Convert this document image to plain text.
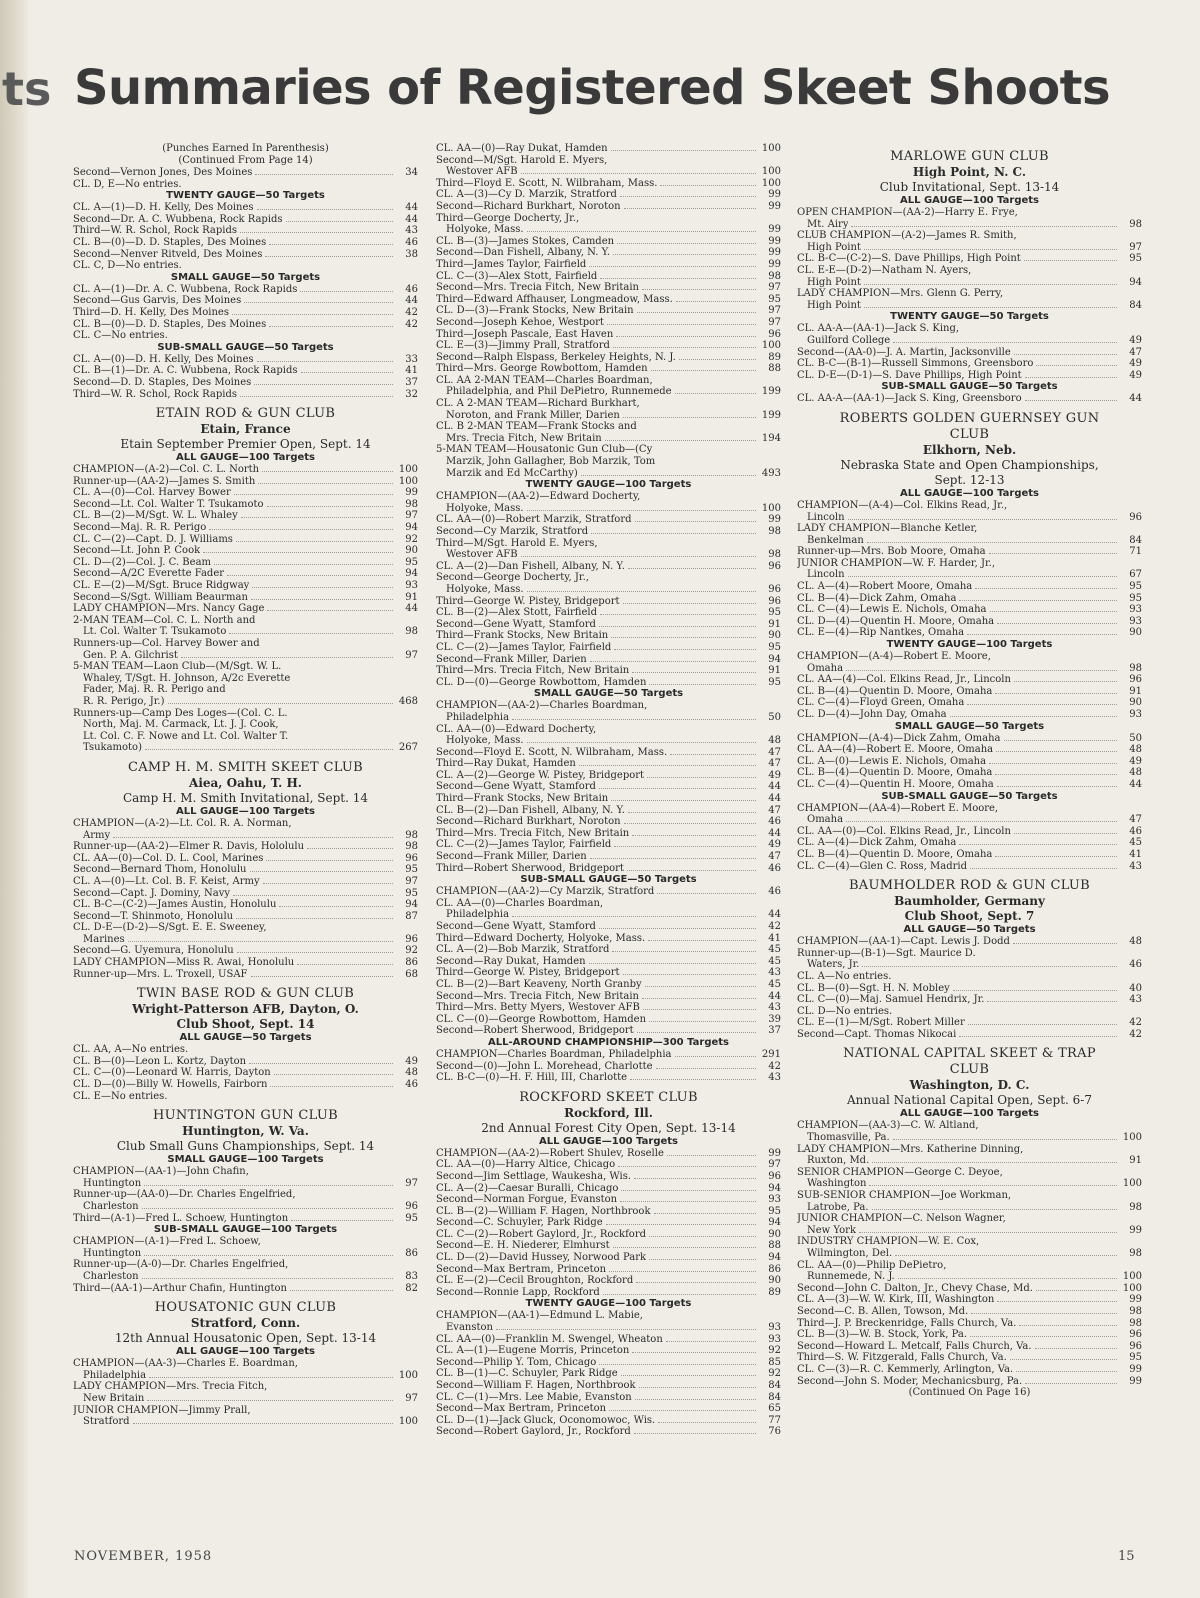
ts Summaries of Registered Skeet Shoots
(Punches Earned In Parenthesis)
(Continued From Page 14)
Second—Vernon Jones, Des Moines	34
CL. D, E—No entries.
TWENTY GAUGE—50 Targets
CL. A—(1)—D. H. Kelly, Des Moines	44
Second—Dr. A. C. Wubbena, Rock Rapids	44
Third—W. R. Schol, Rock Rapids	43
CL. B—(0)—D. D. Staples, Des Moines	46
Second—Nenver Ritveld, Des Moines	38
CL. C, D—No entries.
SMALL GAUGE—50 Targets
CL. A—(1)—Dr. A. C. Wubbena, Rock Rapids	46
Second—Gus Garvis, Des Moines	44
Third—D. H. Kelly, Des Moines	42
CL. B—(0)—D. D. Staples, Des Moines	42
CL. C—No entries.
SUB-SMALL GAUGE—50 Targets
CL. A—(0)—D. H. Kelly, Des Moines	33
CL. B—(1)—Dr. A. C. Wubbena, Rock Rapids	41
Second—D. D. Staples, Des Moines	37
Third—W. R. Schol, Rock Rapids	32
ETAIN ROD & GUN CLUB
Etain, France
Etain September Premier Open, Sept. 14
ALL GAUGE—100 Targets
CHAMPION—(A-2)—Col. C. L. North	100
Runner-up—(AA-2)—James S. Smith	100
CL. A—(0)—Col. Harvey Bower	99
Second—Lt. Col. Walter T. Tsukamoto	98
CL. B—(2)—M/Sgt. W. L. Whaley	97
Second—Maj. R. R. Perigo	94
CL. C—(2)—Capt. D. J. Williams	92
Second—Lt. John P. Cook	90
CL. D—(2)—Col. J. C. Beam	95
Second—A/2C Everette Fader	94
CL. E—(2)—M/Sgt. Bruce Ridgway	93
Second—S/Sgt. William Beaurman	91
LADY CHAMPION—Mrs. Nancy Gage	44
2-MAN TEAM—Col. C. L. North and
Lt. Col. Walter T. Tsukamoto	98
Runners-up—Col. Harvey Bower and
Gen. P. A. Gilchrist	97
5-MAN TEAM—Laon Club—(M/Sgt. W. L.
Whaley, T/Sgt. H. Johnson, A/2c Everette
Fader, Maj. R. R. Perigo and
R. R. Perigo, Jr.)	468
Runners-up—Camp Des Loges—(Col. C. L.
North, Maj. M. Carmack, Lt. J. J. Cook,
Lt. Col. C. F. Nowe and Lt. Col. Walter T.
Tsukamoto)	267
CAMP H. M. SMITH SKEET CLUB
Aiea, Oahu, T. H.
Camp H. M. Smith Invitational, Sept. 14
ALL GAUGE—100 Targets
CHAMPION—(A-2)—Lt. Col. R. A. Norman,
Army	98
Runner-up—(AA-2)—Elmer R. Davis, Hololulu	98
CL. AA—(0)—Col. D. L. Cool, Marines	96
Second—Bernard Thom, Honolulu	95
CL. A—(0)—Lt. Col. B. F. Keist, Army	97
Second—Capt. J. Dominy, Navy	95
CL. B-C—(C-2)—James Austin, Honolulu	94
Second—T. Shinmoto, Honolulu	87
CL. D-E—(D-2)—S/Sgt. E. E. Sweeney,
Marines	96
Second—G. Uyemura, Honolulu	92
LADY CHAMPION—Miss R. Awai, Honolulu	86
Runner-up—Mrs. L. Troxell, USAF	68
TWIN BASE ROD & GUN CLUB
Wright-Patterson AFB, Dayton, O.
Club Shoot, Sept. 14
ALL GAUGE—50 Targets
CL. AA, A—No entries.
CL. B—(0)—Leon L. Kortz, Dayton	49
CL. C—(0)—Leonard W. Harris, Dayton	48
CL. D—(0)—Billy W. Howells, Fairborn	46
CL. E—No entries.
HUNTINGTON GUN CLUB
Huntington, W. Va.
Club Small Guns Championships, Sept. 14
SMALL GAUGE—100 Targets
CHAMPION—(AA-1)—John Chafin,
Huntington	97
Runner-up—(AA-0)—Dr. Charles Engelfried,
Charleston	96
Third—(A-1)—Fred L. Schoew, Huntington	95
SUB-SMALL GAUGE—100 Targets
CHAMPION—(A-1)—Fred L. Schoew,
Huntington	86
Runner-up—(A-0)—Dr. Charles Engelfried,
Charleston	83
Third—(AA-1)—Arthur Chafin, Huntington	82
HOUSATONIC GUN CLUB
Stratford, Conn.
12th Annual Housatonic Open, Sept. 13-14
ALL GAUGE—100 Targets
CHAMPION—(AA-3)—Charles E. Boardman,
Philadelphia	100
LADY CHAMPION—Mrs. Trecia Fitch,
New Britain	97
JUNIOR CHAMPION—Jimmy Prall,
Stratford	100
CL. AA—(0)—Ray Dukat, Hamden	100
Second—M/Sgt. Harold E. Myers,
Westover AFB	100
Third—Floyd E. Scott, N. Wilbraham, Mass.	100
CL. A—(3)—Cy D. Marzik, Stratford	99
Second—Richard Burkhart, Noroton	99
Third—George Docherty, Jr.,
Holyoke, Mass.	99
CL. B—(3)—James Stokes, Camden	99
Second—Dan Fishell, Albany, N. Y.	99
Third—James Taylor, Fairfield	99
CL. C—(3)—Alex Stott, Fairfield	98
Second—Mrs. Trecia Fitch, New Britain	97
Third—Edward Affhauser, Longmeadow, Mass.	95
CL. D—(3)—Frank Stocks, New Britain	97
Second—Joseph Kehoe, Westport	97
Third—Joseph Pascale, East Haven	96
CL. E—(3)—Jimmy Prall, Stratford	100
Second—Ralph Elspass, Berkeley Heights, N. J.	89
Third—Mrs. George Rowbottom, Hamden	88
CL. AA 2-MAN TEAM—Charles Boardman,
Philadelphia, and Phil DePietro, Runnemede	199
CL. A 2-MAN TEAM—Richard Burkhart,
Noroton, and Frank Miller, Darien	199
CL. B 2-MAN TEAM—Frank Stocks and
Mrs. Trecia Fitch, New Britain	194
5-MAN TEAM—Housatonic Gun Club—(Cy
Marzik, John Gallagher, Bob Marzik, Tom
Marzik and Ed McCarthy)	493
TWENTY GAUGE—100 Targets
CHAMPION—(AA-2)—Edward Docherty,
Holyoke, Mass.	100
CL. AA—(0)—Robert Marzik, Stratford	99
Second—Cy Marzik, Stratford	98
Third—M/Sgt. Harold E. Myers,
Westover AFB	98
CL. A—(2)—Dan Fishell, Albany, N. Y.	96
Second—George Docherty, Jr.,
Holyoke, Mass.	96
Third—George W. Pistey, Bridgeport	96
CL. B—(2)—Alex Stott, Fairfield	95
Second—Gene Wyatt, Stamford	91
Third—Frank Stocks, New Britain	90
CL. C—(2)—James Taylor, Fairfield	95
Second—Frank Miller, Darien	94
Third—Mrs. Trecia Fitch, New Britain	91
CL. D—(0)—George Rowbottom, Hamden	95
SMALL GAUGE—50 Targets
CHAMPION—(AA-2)—Charles Boardman,
Philadelphia	50
CL. AA—(0)—Edward Docherty,
Holyoke, Mass.	48
Second—Floyd E. Scott, N. Wilbraham, Mass.	47
Third—Ray Dukat, Hamden	47
CL. A—(2)—George W. Pistey, Bridgeport	49
Second—Gene Wyatt, Stamford	44
Third—Frank Stocks, New Britain	44
CL. B—(2)—Dan Fishell, Albany, N. Y.	47
Second—Richard Burkhart, Noroton	46
Third—Mrs. Trecia Fitch, New Britain	44
CL. C—(2)—James Taylor, Fairfield	49
Second—Frank Miller, Darien	47
Third—Robert Sherwood, Bridgeport	46
SUB-SMALL GAUGE—50 Targets
CHAMPION—(AA-2)—Cy Marzik, Stratford	46
CL. AA—(0)—Charles Boardman,
Philadelphia	44
Second—Gene Wyatt, Stamford	42
Third—Edward Docherty, Holyoke, Mass.	41
CL. A—(2)—Bob Marzik, Stratford	45
Second—Ray Dukat, Hamden	45
Third—George W. Pistey, Bridgeport	43
CL. B—(2)—Bart Keaveny, North Granby	45
Second—Mrs. Trecia Fitch, New Britain	44
Third—Mrs. Betty Myers, Westover AFB	43
CL. C—(0)—George Rowbottom, Hamden	39
Second—Robert Sherwood, Bridgeport	37
ALL-AROUND CHAMPIONSHIP—300 Targets
CHAMPION—Charles Boardman, Philadelphia	291
Second—(0)—John L. Morehead, Charlotte	42
CL. B-C—(0)—H. F. Hill, III, Charlotte	43
ROCKFORD SKEET CLUB
Rockford, Ill.
2nd Annual Forest City Open, Sept. 13-14
ALL GAUGE—100 Targets
CHAMPION—(AA-2)—Robert Shulev, Roselle	99
CL. AA—(0)—Harry Altice, Chicago	97
Second—Jim Settlage, Waukesha, Wis.	96
CL. A—(2)—Caesar Buralli, Chicago	94
Second—Norman Forgue, Evanston	93
CL. B—(2)—William F. Hagen, Northbrook	95
Second—C. Schuyler, Park Ridge	94
CL. C—(2)—Robert Gaylord, Jr., Rockford	90
Second—E. H. Niederer, Elmhurst	88
CL. D—(2)—David Hussey, Norwood Park	94
Second—Max Bertram, Princeton	86
CL. E—(2)—Cecil Broughton, Rockford	90
Second—Ronnie Lapp, Rockford	89
TWENTY GAUGE—100 Targets
CHAMPION—(AA-1)—Edmund L. Mabie,
Evanston	93
CL. AA—(0)—Franklin M. Swengel, Wheaton	93
CL. A—(1)—Eugene Morris, Princeton	92
Second—Philip Y. Tom, Chicago	85
CL. B—(1)—C. Schuyler, Park Ridge	92
Second—William F. Hagen, Northbrook	84
CL. C—(1)—Mrs. Lee Mabie, Evanston	84
Second—Max Bertram, Princeton	65
CL. D—(1)—Jack Gluck, Oconomowoc, Wis.	77
Second—Robert Gaylord, Jr., Rockford	76
MARLOWE GUN CLUB
High Point, N. C.
Club Invitational, Sept. 13-14
ALL GAUGE—100 Targets
OPEN CHAMPION—(AA-2)—Harry E. Frye,
Mt. Airy	98
CLUB CHAMPION—(A-2)—James R. Smith,
High Point	97
CL. B-C—(C-2)—S. Dave Phillips, High Point	95
CL. E-E—(D-2)—Natham N. Ayers,
High Point	94
LADY CHAMPION—Mrs. Glenn G. Perry,
High Point	84
TWENTY GAUGE—50 Targets
CL. AA-A—(AA-1)—Jack S. King,
Guilford College	49
Second—(AA-0)—J. A. Martin, Jacksonville	47
CL. B-C—(B-1)—Russell Simmons, Greensboro	49
CL. D-E—(D-1)—S. Dave Phillips, High Point	49
SUB-SMALL GAUGE—50 Targets
CL. AA-A—(AA-1)—Jack S. King, Greensboro	44
ROBERTS GOLDEN GUERNSEY GUN
CLUB
Elkhorn, Neb.
Nebraska State and Open Championships,
Sept. 12-13
ALL GAUGE—100 Targets
CHAMPION—(A-4)—Col. Elkins Read, Jr.,
Lincoln	96
LADY CHAMPION—Blanche Ketler,
Benkelman	84
Runner-up—Mrs. Bob Moore, Omaha	71
JUNIOR CHAMPION—W. F. Harder, Jr.,
Lincoln	67
CL. A—(4)—Robert Moore, Omaha	95
CL. B—(4)—Dick Zahm, Omaha	95
CL. C—(4)—Lewis E. Nichols, Omaha	93
CL. D—(4)—Quentin H. Moore, Omaha	93
CL. E—(4)—Rip Nantkes, Omaha	90
TWENTY GAUGE—100 Targets
CHAMPION—(A-4)—Robert E. Moore,
Omaha	98
CL. AA—(4)—Col. Elkins Read, Jr., Lincoln	96
CL. B—(4)—Quentin D. Moore, Omaha	91
CL. C—(4)—Floyd Green, Omaha	90
CL. D—(4)—John Day, Omaha	93
SMALL GAUGE—50 Targets
CHAMPION—(A-4)—Dick Zahm, Omaha	50
CL. AA—(4)—Robert E. Moore, Omaha	48
CL. A—(0)—Lewis E. Nichols, Omaha	49
CL. B—(4)—Quentin D. Moore, Omaha	48
CL. C—(4)—Quentin H. Moore, Omaha	44
SUB-SMALL GAUGE—50 Targets
CHAMPION—(AA-4)—Robert E. Moore,
Omaha	47
CL. AA—(0)—Col. Elkins Read, Jr., Lincoln	46
CL. A—(4)—Dick Zahm, Omaha	45
CL. B—(4)—Quentin D. Moore, Omaha	41
CL. C—(4)—Glen C. Ross, Madrid	43
BAUMHOLDER ROD & GUN CLUB
Baumholder, Germany
Club Shoot, Sept. 7
ALL GAUGE—50 Targets
CHAMPION—(AA-1)—Capt. Lewis J. Dodd	48
Runner-up—(B-1)—Sgt. Maurice D.
Waters, Jr.	46
CL. A—No entries.
CL. B—(0)—Sgt. H. N. Mobley	40
CL. C—(0)—Maj. Samuel Hendrix, Jr.	43
CL. D—No entries.
CL. E—(1)—M/Sgt. Robert Miller	42
Second—Capt. Thomas Nikocai	42
NATIONAL CAPITAL SKEET & TRAP
CLUB
Washington, D. C.
Annual National Capital Open, Sept. 6-7
ALL GAUGE—100 Targets
CHAMPION—(AA-3)—C. W. Altland,
Thomasville, Pa.	100
LADY CHAMPION—Mrs. Katherine Dinning,
Ruxton, Md.	91
SENIOR CHAMPION—George C. Deyoe,
Washington	100
SUB-SENIOR CHAMPION—Joe Workman,
Latrobe, Pa.	98
JUNIOR CHAMPION—C. Nelson Wagner,
New York	99
INDUSTRY CHAMPION—W. E. Cox,
Wilmington, Del.	98
CL. AA—(0)—Philip DePietro,
Runnemede, N. J.	100
Second—John C. Dalton, Jr., Chevy Chase, Md.	100
CL. A—(3)—W. W. Kirk, III, Washington	99
Second—C. B. Allen, Towson, Md.	98
Third—J. P. Breckenridge, Falls Church, Va.	98
CL. B—(3)—W. B. Stock, York, Pa.	96
Second—Howard L. Metcalf, Falls Church, Va.	96
Third—S. W. Fitzgerald, Falls Church, Va.	95
CL. C—(3)—R. C. Kemmerly, Arlington, Va.	99
Second—John S. Moder, Mechanicsburg, Pa.	99
(Continued On Page 16)
NOVEMBER, 1958	15
